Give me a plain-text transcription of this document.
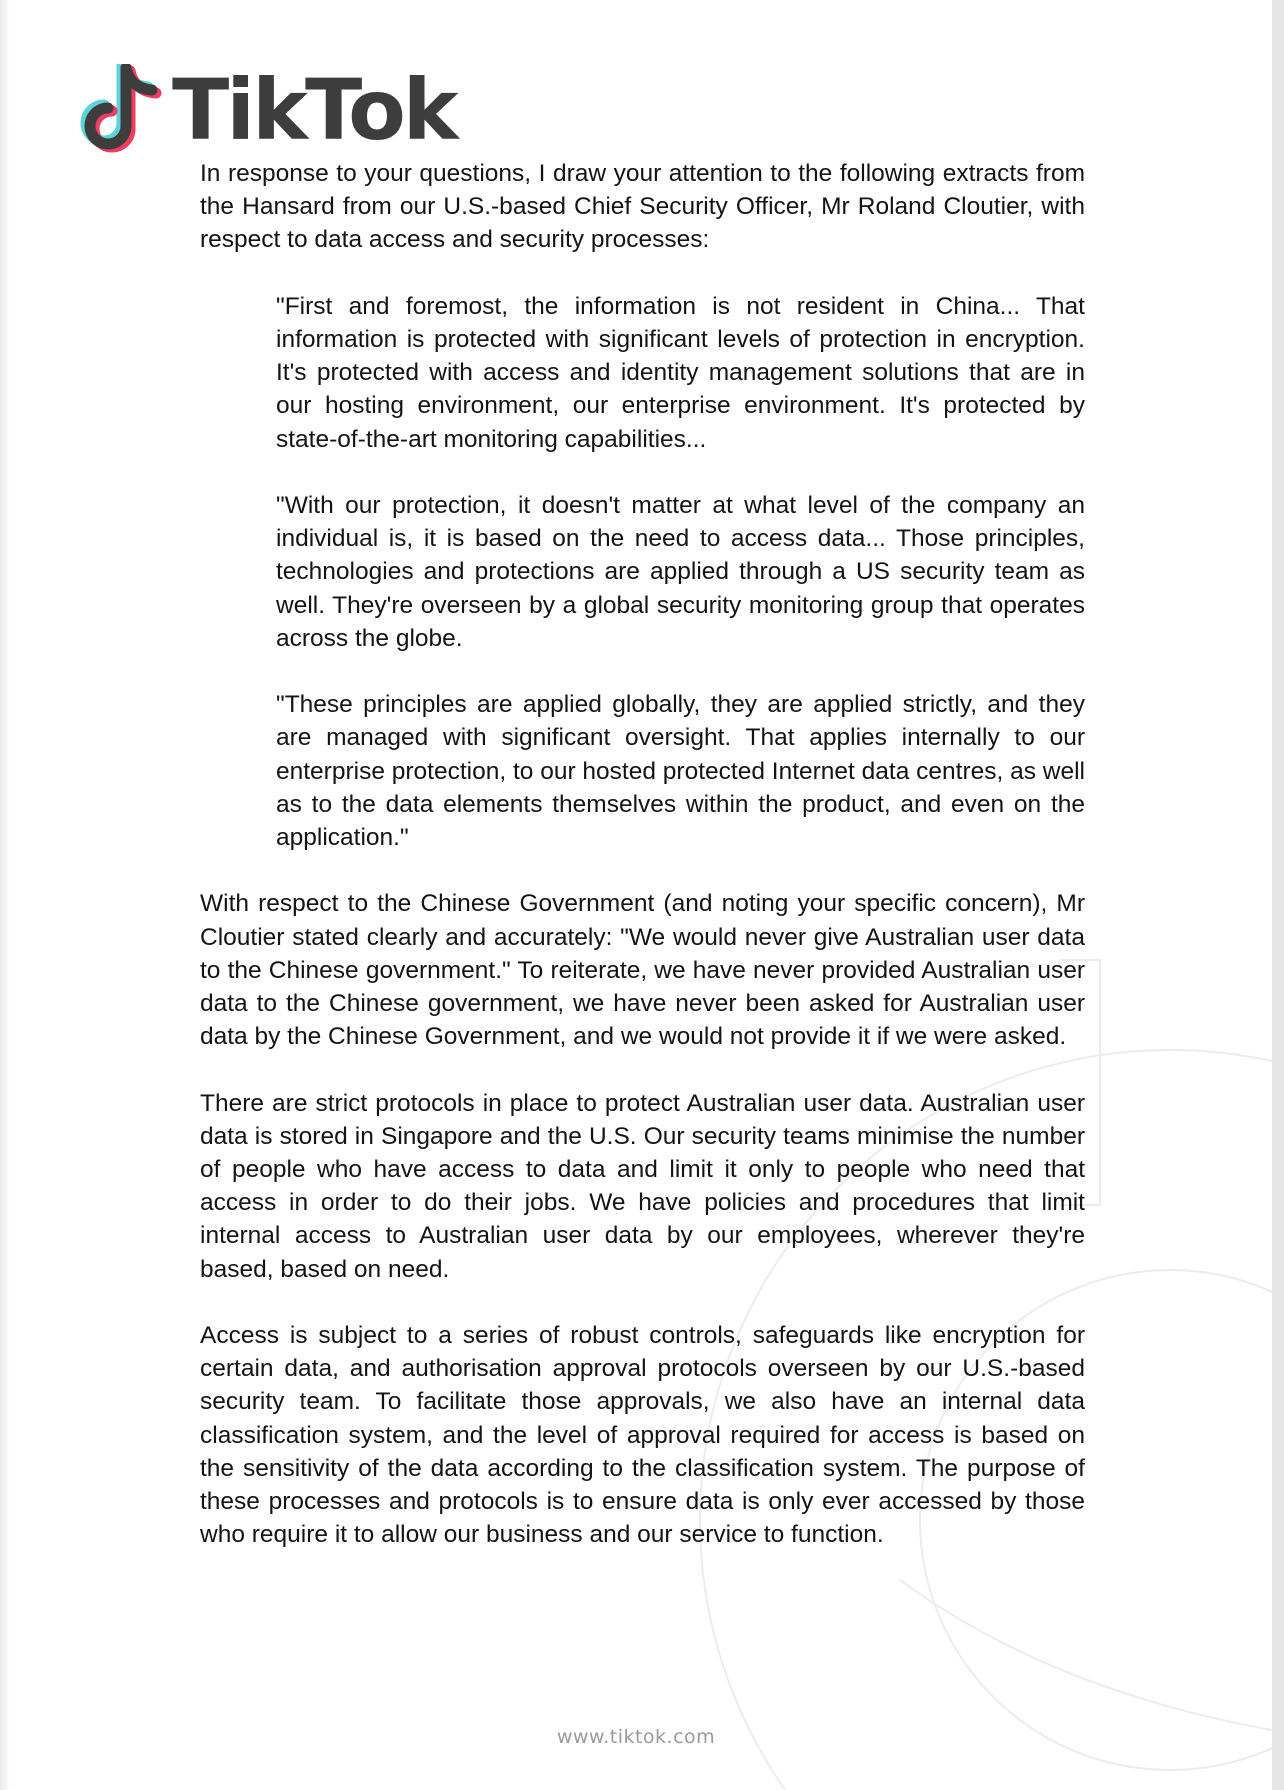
TikTok

In response to your questions, I draw your attention to the following extracts from the Hansard from our U.S.-based Chief Security Officer, Mr Roland Cloutier, with respect to data access and security processes:

"First and foremost, the information is not resident in China... That information is protected with significant levels of protection in encryption. It's protected with access and identity management solutions that are in our hosting environment, our enterprise environment. It's protected by state-of-the-art monitoring capabilities...

"With our protection, it doesn't matter at what level of the company an individual is, it is based on the need to access data... Those principles, technologies and protections are applied through a US security team as well. They're overseen by a global security monitoring group that operates across the globe.

"These principles are applied globally, they are applied strictly, and they are managed with significant oversight. That applies internally to our enterprise protection, to our hosted protected Internet data centres, as well as to the data elements themselves within the product, and even on the application."

With respect to the Chinese Government (and noting your specific concern), Mr Cloutier stated clearly and accurately: "We would never give Australian user data to the Chinese government." To reiterate, we have never provided Australian user data to the Chinese government, we have never been asked for Australian user data by the Chinese Government, and we would not provide it if we were asked.

There are strict protocols in place to protect Australian user data. Australian user data is stored in Singapore and the U.S. Our security teams minimise the number of people who have access to data and limit it only to people who need that access in order to do their jobs. We have policies and procedures that limit internal access to Australian user data by our employees, wherever they're based, based on need.

Access is subject to a series of robust controls, safeguards like encryption for certain data, and authorisation approval protocols overseen by our U.S.-based security team. To facilitate those approvals, we also have an internal data classification system, and the level of approval required for access is based on the sensitivity of the data according to the classification system. The purpose of these processes and protocols is to ensure data is only ever accessed by those who require it to allow our business and our service to function.

www.tiktok.com
